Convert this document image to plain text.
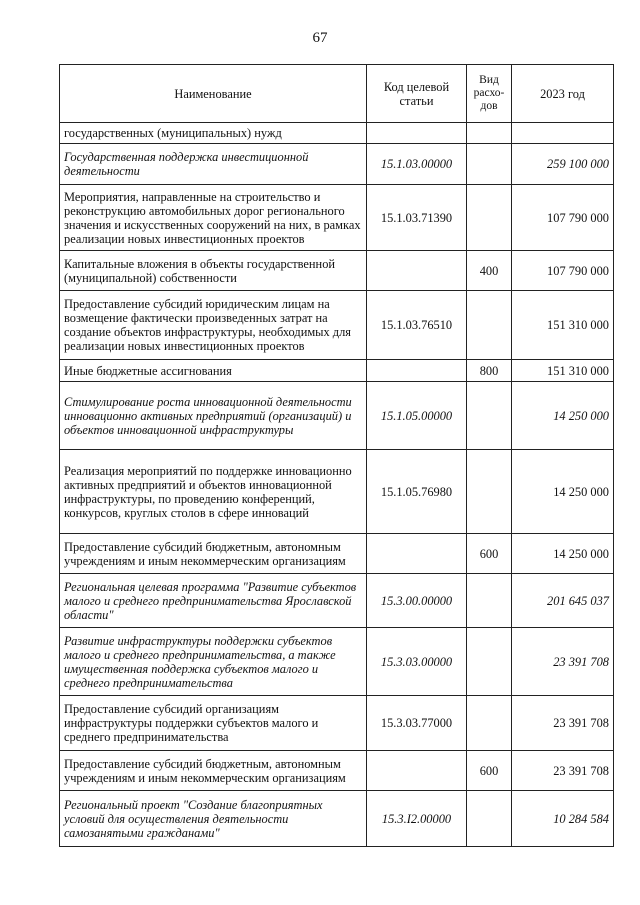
67
Наименование	Код целевой статьи	Вид расхо-дов	2023 год
государственных (муниципальных) нужд			
Государственная поддержка инвестиционной деятельности	15.1.03.00000		259 100 000
Мероприятия, направленные на строительство и реконструкцию автомобильных дорог регионального значения и искусственных сооружений на них, в рамках реализации новых инвестиционных проектов	15.1.03.71390		107 790 000
Капитальные вложения в объекты государственной (муниципальной) собственности		400	107 790 000
Предоставление субсидий юридическим лицам на возмещение фактически произведенных затрат на создание объектов инфраструктуры, необходимых для реализации новых инвестиционных проектов	15.1.03.76510		151 310 000
Иные бюджетные ассигнования		800	151 310 000
Стимулирование роста инновационной деятельности инновационно активных предприятий (организаций) и объектов инновационной инфраструктуры	15.1.05.00000		14 250 000
Реализация мероприятий по поддержке инновационно активных предприятий и объектов инновационной инфраструктуры, по проведению конференций, конкурсов, круглых столов в сфере инноваций	15.1.05.76980		14 250 000
Предоставление субсидий бюджетным, автономным учреждениям и иным некоммерческим организациям		600	14 250 000
Региональная целевая программа "Развитие субъектов малого и среднего предпринимательства Ярославской области"	15.3.00.00000		201 645 037
Развитие инфраструктуры поддержки субъектов малого и среднего предпринимательства, а также имущественная поддержка субъектов малого и среднего предпринимательства	15.3.03.00000		23 391 708
Предоставление субсидий организациям инфраструктуры поддержки субъектов малого и среднего предпринимательства	15.3.03.77000		23 391 708
Предоставление субсидий бюджетным, автономным учреждениям и иным некоммерческим организациям		600	23 391 708
Региональный проект "Создание благоприятных условий для осуществления деятельности самозанятыми гражданами"	15.3.I2.00000		10 284 584
